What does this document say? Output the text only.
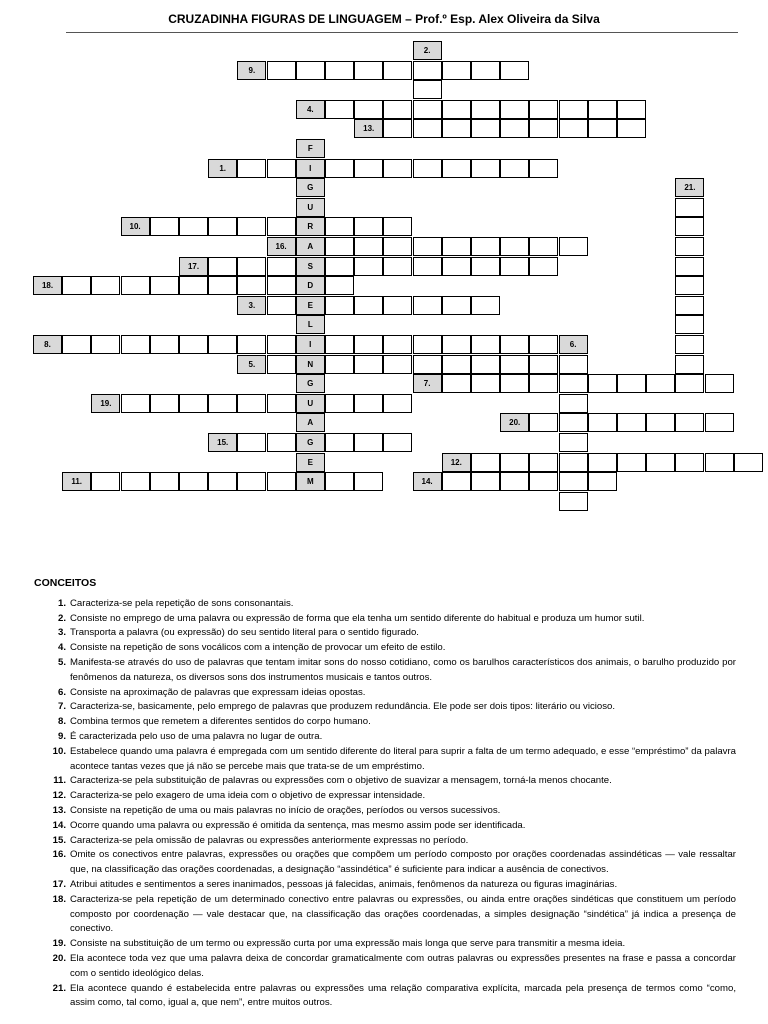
CRUZADINHA FIGURAS DE LINGUAGEM – Prof.º Esp. Alex Oliveira da Silva
9.
4.
13.
1.
10.
16.
17.
18.
3.
8.
5.
7.
19.
20.
15.
12.
11.	14.
F
I
G
U
R
A
S
D
E
L
I
N
G
U
A
G
E
M
2.
21.
6.
CONCEITOS
1. Caracteriza-se pela repetição de sons consonantais.
2. Consiste no emprego de uma palavra ou expressão de forma que ela tenha um sentido diferente do habitual e produza um humor sutil.
3. Transporta a palavra (ou expressão) do seu sentido literal para o sentido figurado.
4. Consiste na repetição de sons vocálicos com a intenção de provocar um efeito de estilo.
5. Manifesta-se através do uso de palavras que tentam imitar sons do nosso cotidiano, como os barulhos característicos dos animais, o barulho produzido por fenômenos da natureza, os diversos sons dos instrumentos musicais e tantos outros.
6. Consiste na aproximação de palavras que expressam ideias opostas.
7. Caracteriza-se, basicamente, pelo emprego de palavras que produzem redundância. Ele pode ser dois tipos: literário ou vicioso.
8. Combina termos que remetem a diferentes sentidos do corpo humano.
9. É caracterizada pelo uso de uma palavra no lugar de outra.
10. Estabelece quando uma palavra é empregada com um sentido diferente do literal para suprir a falta de um termo adequado, e esse “empréstimo” da palavra acontece tantas vezes que já não se percebe mais que trata-se de um empréstimo.
11. Caracteriza-se pela substituição de palavras ou expressões com o objetivo de suavizar a mensagem, torná-la menos chocante.
12. Caracteriza-se pelo exagero de uma ideia com o objetivo de expressar intensidade.
13. Consiste na repetição de uma ou mais palavras no início de orações, períodos ou versos sucessivos.
14. Ocorre quando uma palavra ou expressão é omitida da sentença, mas mesmo assim pode ser identificada.
15. Caracteriza-se pela omissão de palavras ou expressões anteriormente expressas no período.
16. Omite os conectivos entre palavras, expressões ou orações que compõem um período composto por orações coordenadas assindéticas — vale ressaltar que, na classificação das orações coordenadas, a designação “assindética” é suficiente para indicar a ausência de conectivos.
17. Atribui atitudes e sentimentos a seres inanimados, pessoas já falecidas, animais, fenômenos da natureza ou figuras imaginárias.
18. Caracteriza-se pela repetição de um determinado conectivo entre palavras ou expressões, ou ainda entre orações sindéticas que constituem um período composto por coordenação — vale destacar que, na classificação das orações coordenadas, a simples designação “sindética” já indica a presença de conectivo.
19. Consiste na substituição de um termo ou expressão curta por uma expressão mais longa que serve para transmitir a mesma ideia.
20. Ela acontece toda vez que uma palavra deixa de concordar gramaticalmente com outras palavras ou expressões presentes na frase e passa a concordar com o sentido ideológico delas.
21. Ela acontece quando é estabelecida entre palavras ou expressões uma relação comparativa explícita, marcada pela presença de termos como “como, assim como, tal como, igual a, que nem”, entre muitos outros.
